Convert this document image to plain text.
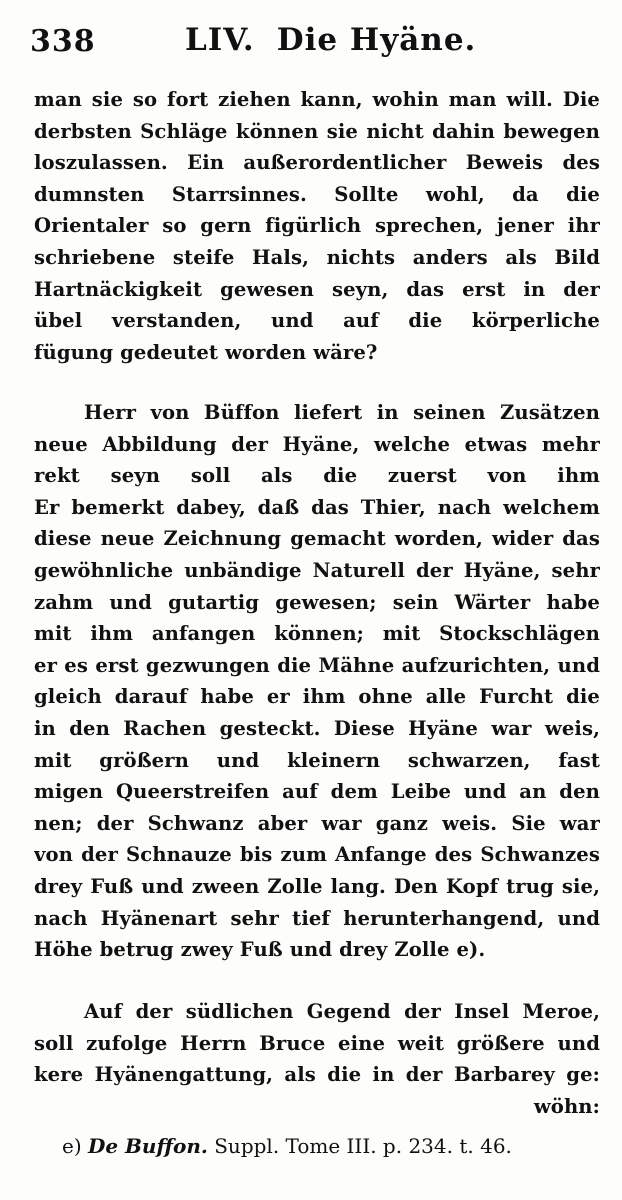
338	LIV. Die Hyäne.
man sie so fort ziehen kann, wohin man will. Die
derbsten Schläge können sie nicht dahin bewegen
loszulassen. Ein außerordentlicher Beweis des
dumnsten Starrsinnes. Sollte wohl, da die
Orientaler so gern figürlich sprechen, jener ihr
schriebene steife Hals, nichts anders als Bild
Hartnäckigkeit gewesen seyn, das erst in der
übel verstanden, und auf die körperliche
fügung gedeutet worden wäre?
Herr von Büffon liefert in seinen Zusätzen
neue Abbildung der Hyäne, welche etwas mehr
rekt seyn soll als die zuerst von ihm
Er bemerkt dabey, daß das Thier, nach welchem
diese neue Zeichnung gemacht worden, wider das
gewöhnliche unbändige Naturell der Hyäne, sehr
zahm und gutartig gewesen; sein Wärter habe
mit ihm anfangen können; mit Stockschlägen
er es erst gezwungen die Mähne aufzurichten, und
gleich darauf habe er ihm ohne alle Furcht die
in den Rachen gesteckt. Diese Hyäne war weis,
mit größern und kleinern schwarzen, fast
migen Queerstreifen auf dem Leibe und an den
nen; der Schwanz aber war ganz weis. Sie war
von der Schnauze bis zum Anfange des Schwanzes
drey Fuß und zween Zolle lang. Den Kopf trug sie,
nach Hyänenart sehr tief herunterhangend, und
Höhe betrug zwey Fuß und drey Zolle e).
Auf der südlichen Gegend der Insel Meroe,
soll zufolge Herrn Bruce eine weit größere und
kere Hyänengattung, als die in der Barbarey ge:
wöhn:
e) De Buffon. Suppl. Tome III. p. 234. t. 46.
